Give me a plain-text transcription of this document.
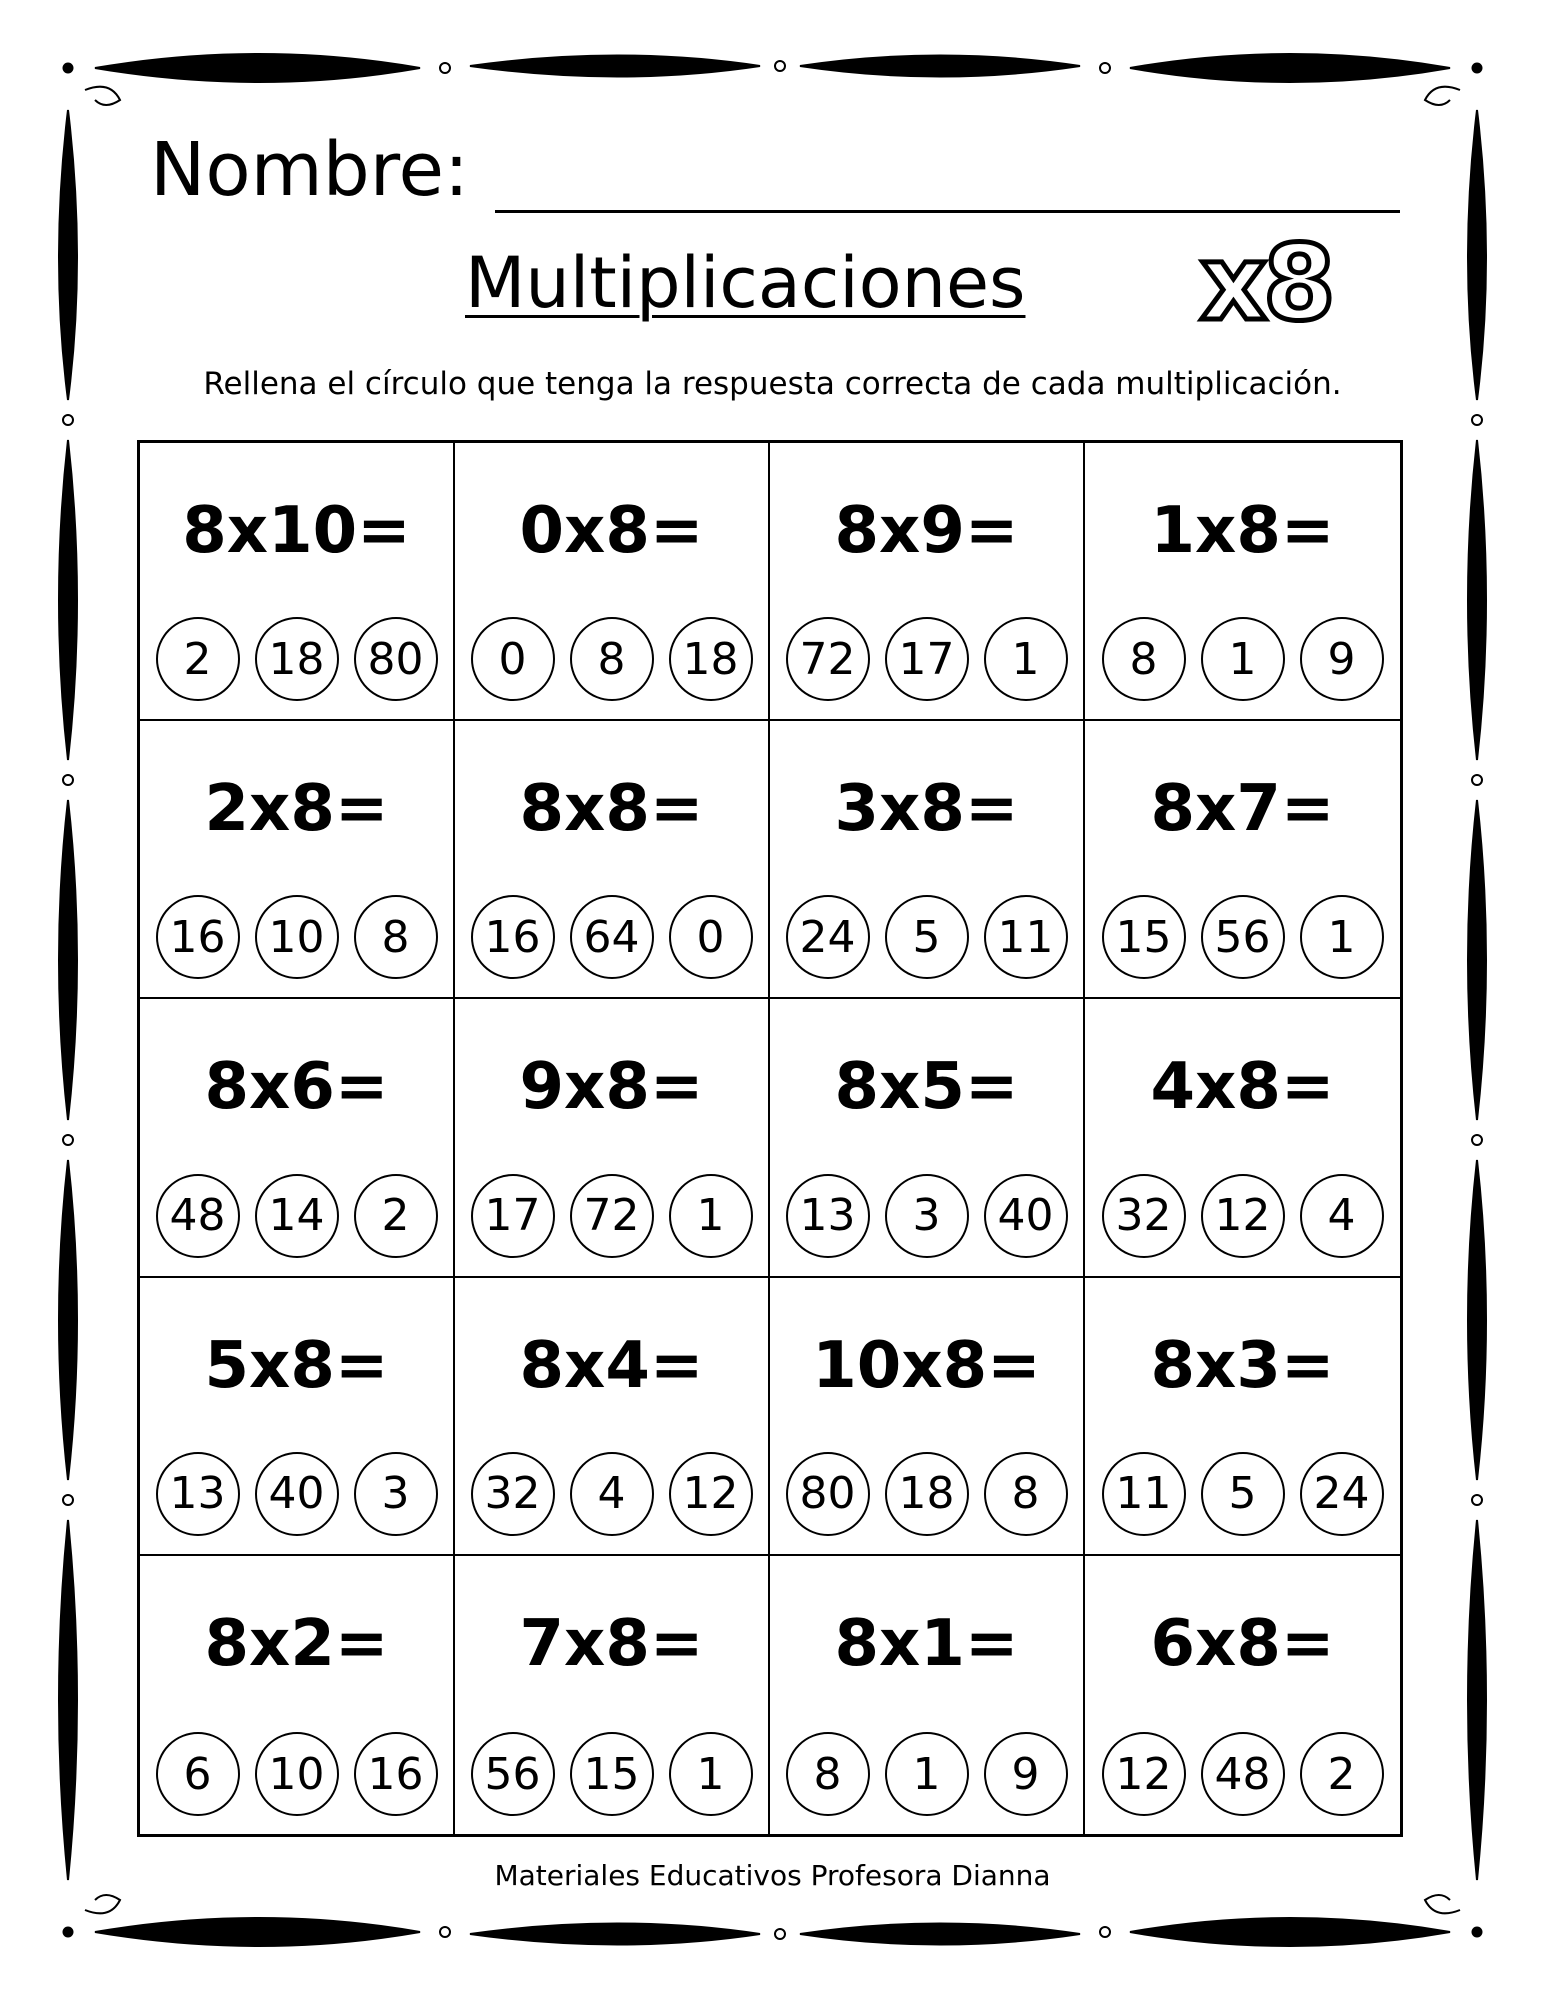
Nombre:
Multiplicaciones x8
Rellena el círculo que tenga la respuesta correcta de cada multiplicación.
8x10=
2	18 80
0x8=
0	8	18
8x9=
72 17	1
1x8=
8	1	9
2x8=
16 10	8
8x8=
16 64	0
3x8=
24	5	11
8x7=
15 56	1
8x6=
48 14	2
9x8=
17 72	1
8x5=
13	3	40
4x8=
32 12	4
5x8=
13 40	3
8x4=
32	4	12
10x8=
80 18	8
8x3=
11	5	24
8x2=
6	10 16
7x8=
56 15	1
8x1=
8	1	9
6x8=
12 48	2
Materiales Educativos Profesora Dianna
